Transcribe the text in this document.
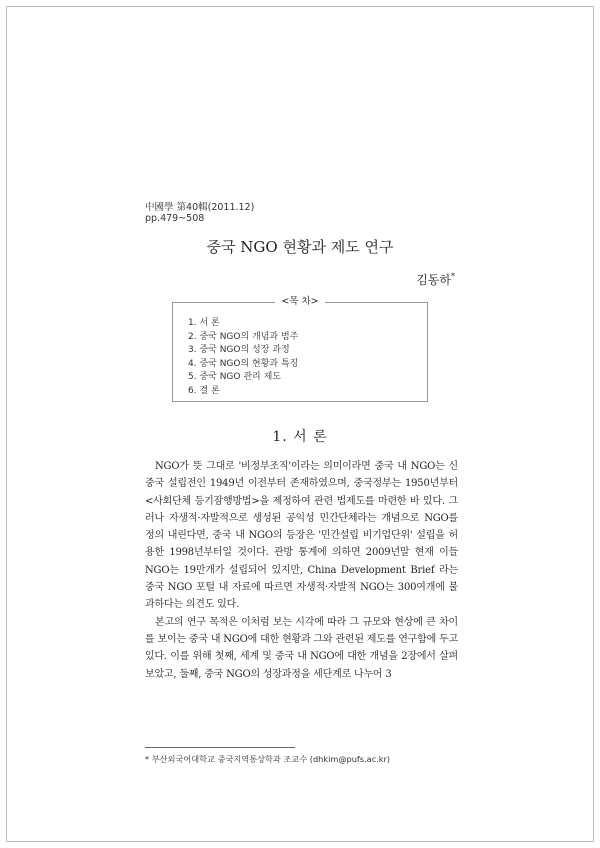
中國學 第40輯(2011.12)
pp.479~508
중국 NGO 현황과 제도 연구
김동하*
<목 차>
1. 서 론
2. 중국 NGO의 개념과 범주
3. 중국 NGO의 성장 과정
4. 중국 NGO의 현황과 특징
5. 중국 NGO 관리 제도
6. 결 론
1. 서 론

NGO가 뜻 그대로 '비정부조직'이라는 의미이라면 중국 내 NGO는 신중국 설립전인 1949년 이전부터 존재하였으며, 중국정부는 1950년부터 <사회단체 등기잠행방법>을 제정하여 관련 법제도를 마련한 바 있다. 그러나 자생적·자발적으로 생성된 공익성 민간단체라는 개념으로 NGO를 정의 내린다면, 중국 내 NGO의 등장은 '민간설립 비기업단위' 설립을 허용한 1998년부터일 것이다. 관방 통계에 의하면 2009년말 현재 이들 NGO는 19만개가 설립되어 있지만, China Development Brief 라는 중국 NGO 포털 내 자료에 따르면 자생적·자발적 NGO는 300여개에 불과하다는 의견도 있다.

본고의 연구 목적은 이처럼 보는 시각에 따라 그 규모와 현상에 큰 차이를 보이는 중국 내 NGO에 대한 현황과 그와 관련된 제도를 연구함에 두고 있다. 이를 위해 첫째, 세계 및 중국 내 NGO에 대한 개념을 2장에서 살펴보았고, 둘째, 중국 NGO의 성장과정을 세단계로 나누어 3

* 부산외국어대학교 중국지역통상학과 조교수 (dhkim@pufs.ac.kr)
